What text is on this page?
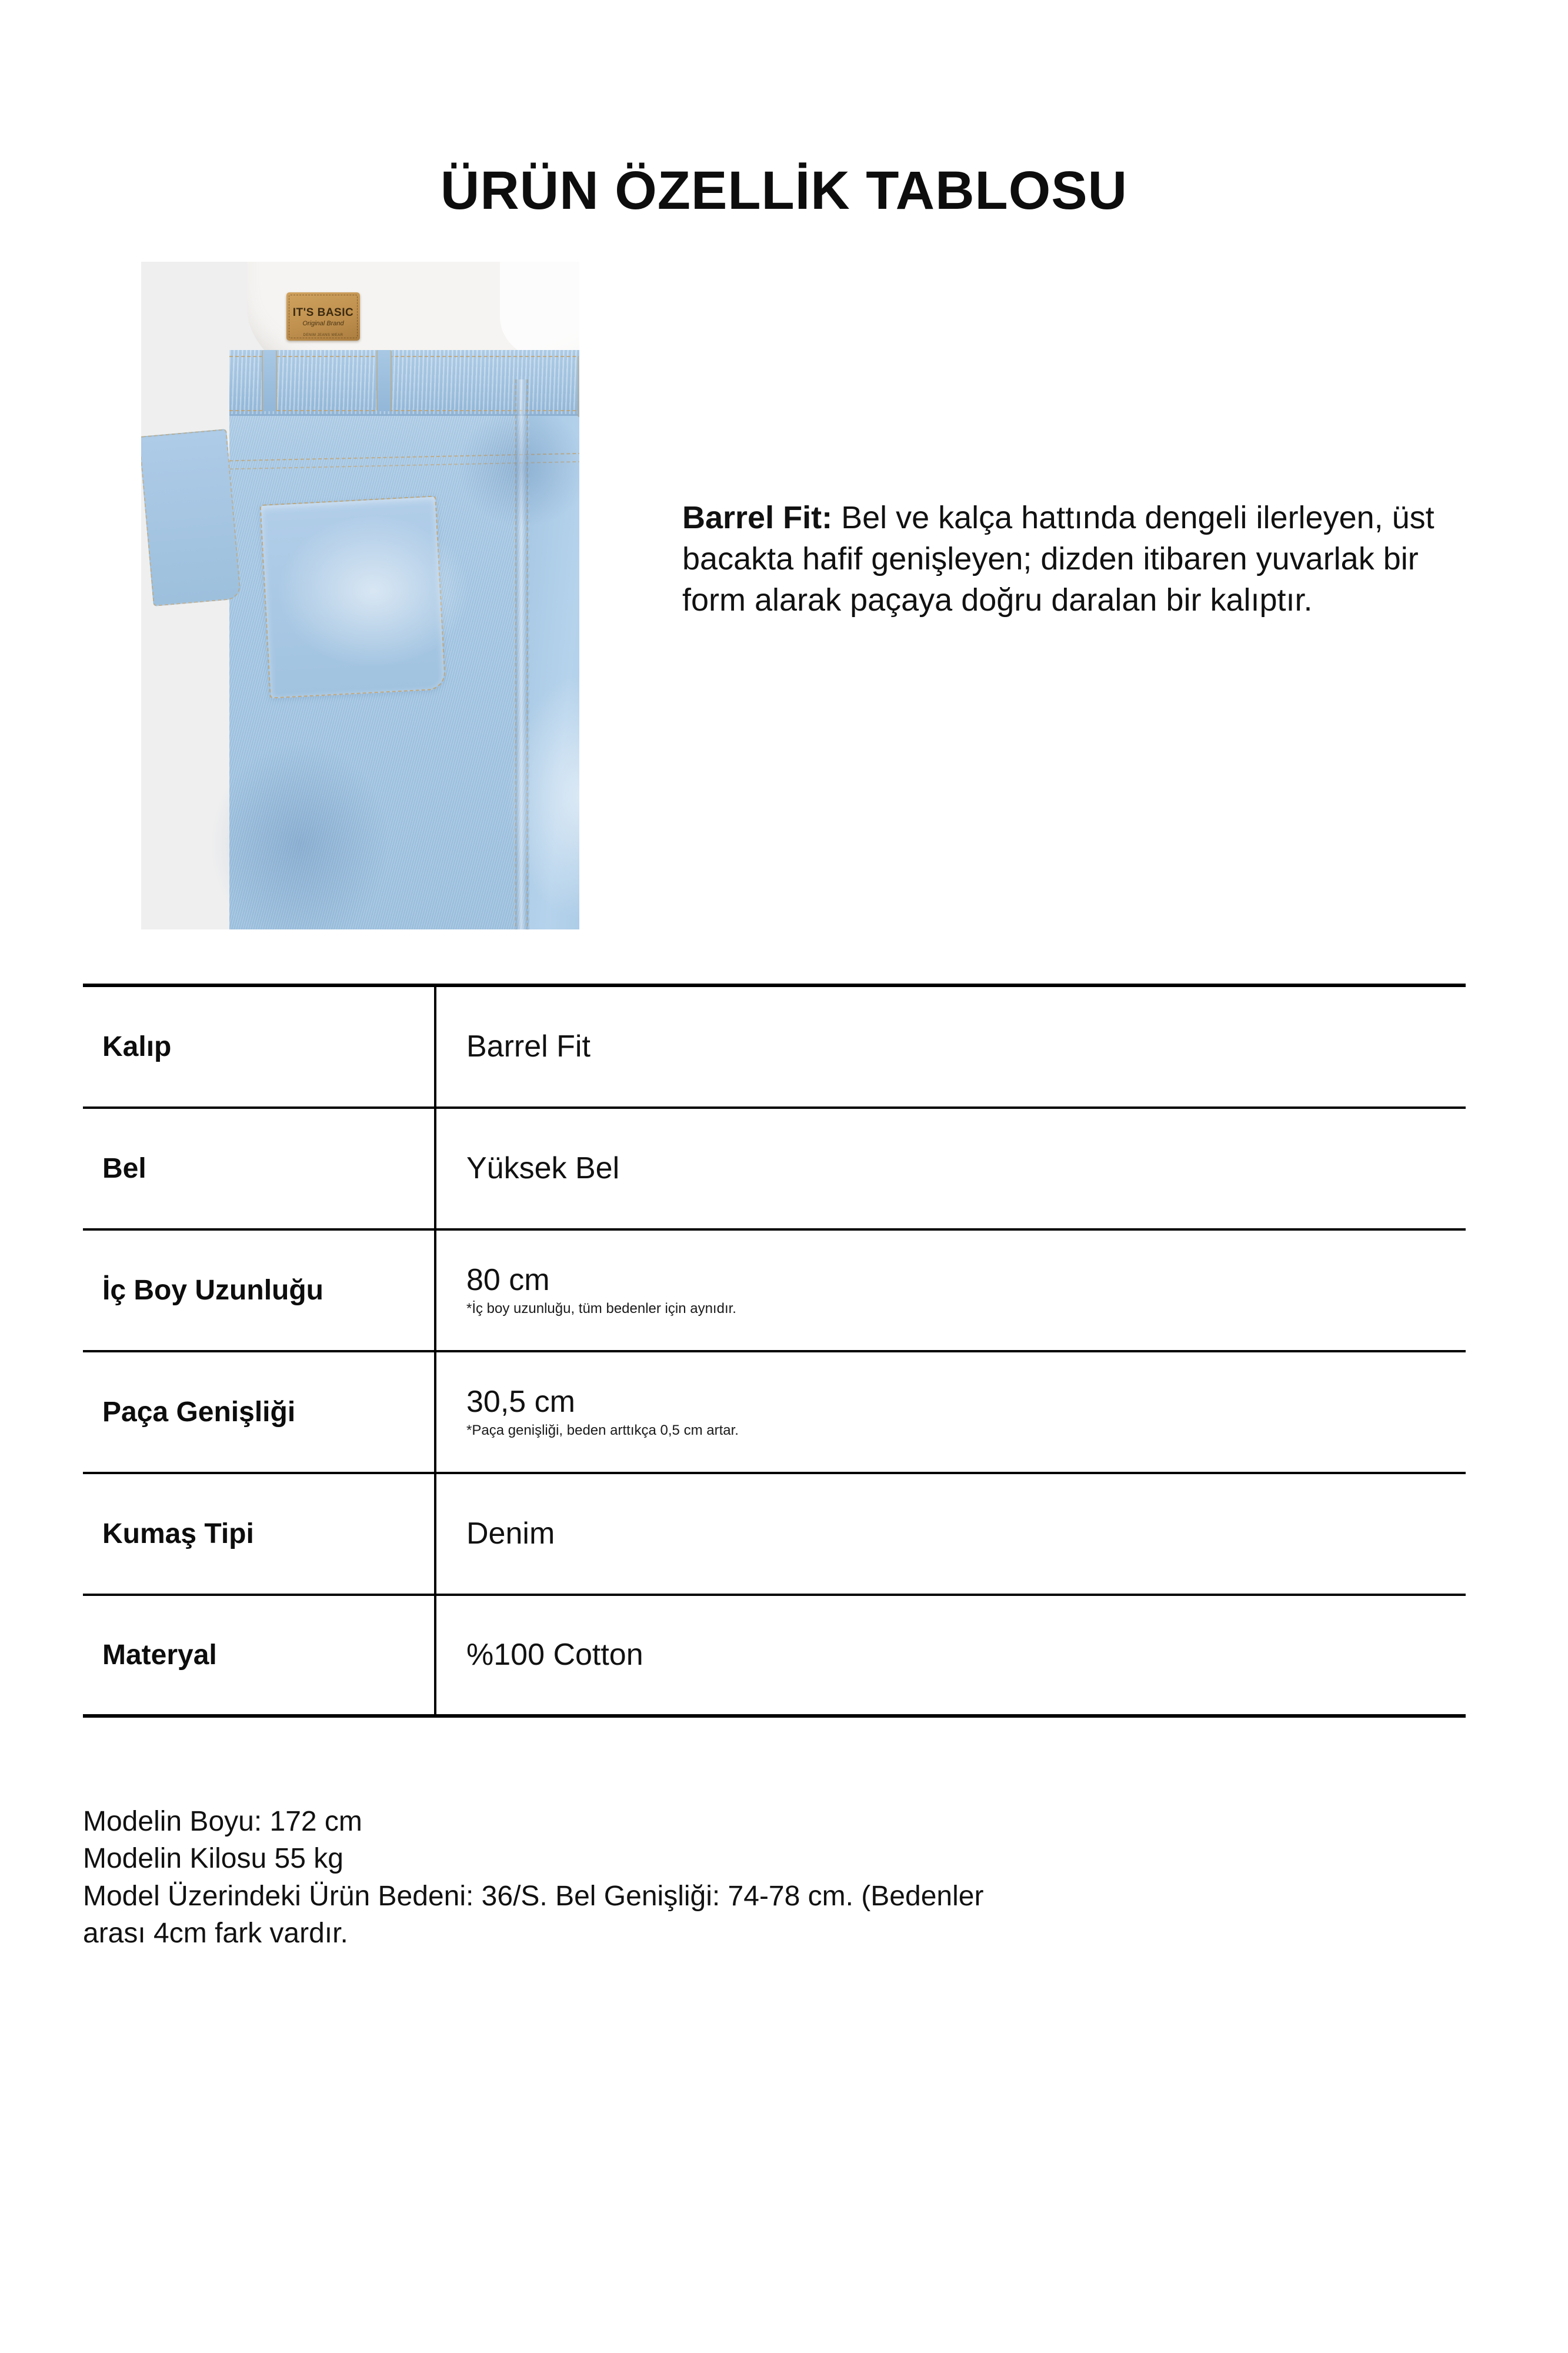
ÜRÜN ÖZELLİK TABLOSU
IT'S BASIC
Original Brand
DENIM JEANS WEAR
Barrel Fit: Bel ve kalça hattında dengeli ilerleyen, üst bacakta hafif genişleyen; dizden itibaren yuvarlak bir form alarak paçaya doğru daralan bir kalıptır.
Kalıp	Barrel Fit
Bel	Yüksek Bel
İç Boy Uzunluğu	80 cm
*İç boy uzunluğu, tüm bedenler için aynıdır.
Paça Genişliği	30,5 cm
*Paça genişliği, beden arttıkça 0,5 cm artar.
Kumaş Tipi	Denim
Materyal	%100 Cotton
Modelin Boyu: 172 cm
Modelin Kilosu 55 kg
Model Üzerindeki Ürün Bedeni: 36/S. Bel Genişliği: 74-78 cm. (Bedenler
arası 4cm fark vardır.
